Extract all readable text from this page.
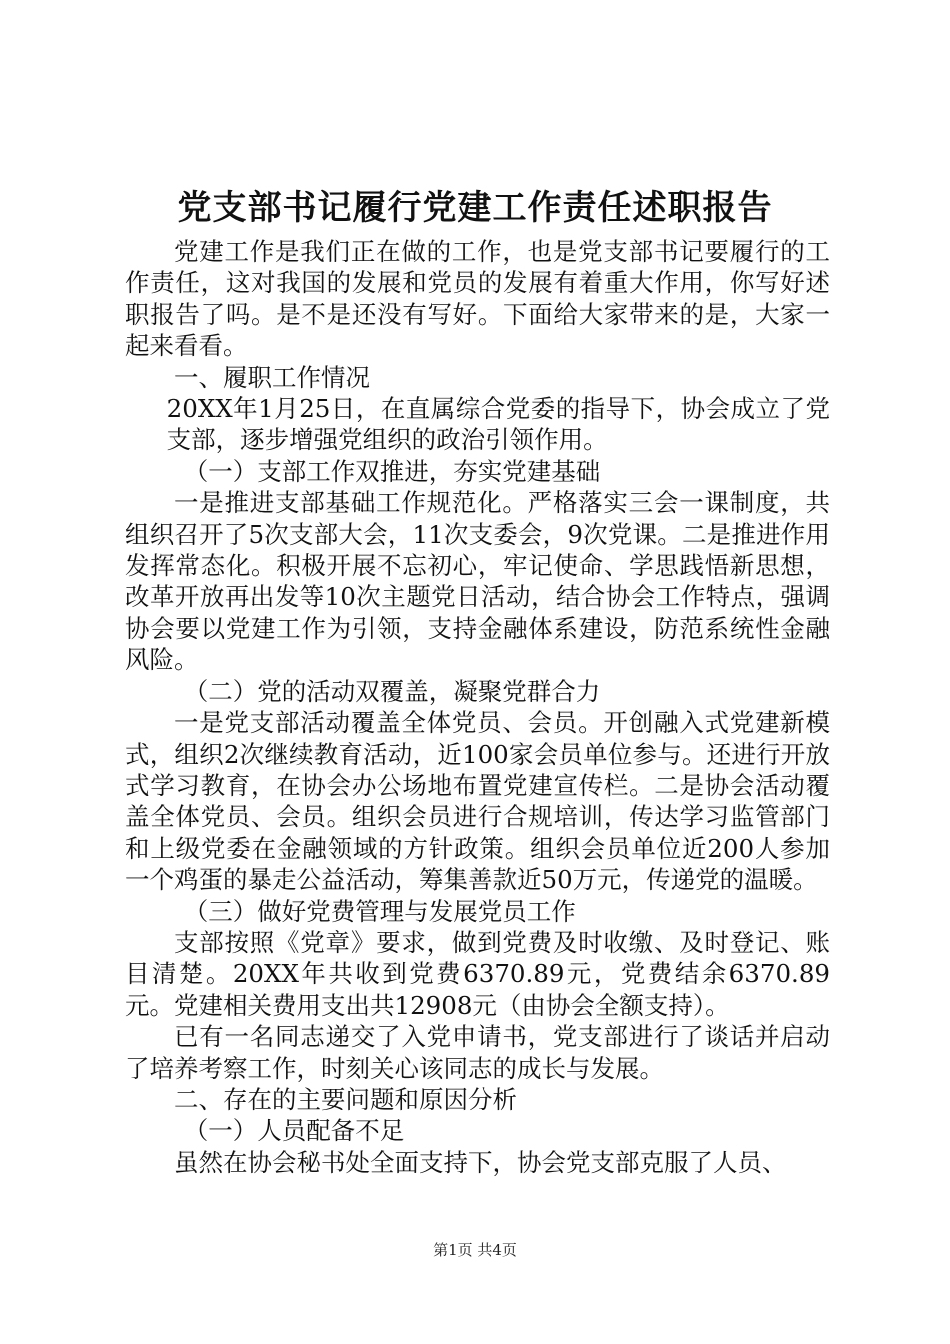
党支部书记履行党建工作责任述职报告

党建工作是我们正在做的工作，也是党支部书记要履行的工作责任，这对我国的发展和党员的发展有着重大作用，你写好述职报告了吗。是不是还没有写好。下面给大家带来的是，大家一起来看看。

一、履职工作情况

20XX年1月25日，在直属综合党委的指导下，协会成立了党支部，逐步增强党组织的政治引领作用。

（一）支部工作双推进，夯实党建基础

一是推进支部基础工作规范化。严格落实三会一课制度，共组织召开了5次支部大会，11次支委会，9次党课。二是推进作用发挥常态化。积极开展不忘初心，牢记使命、学思践悟新思想，改革开放再出发等10次主题党日活动，结合协会工作特点，强调协会要以党建工作为引领，支持金融体系建设，防范系统性金融风险。

（二）党的活动双覆盖，凝聚党群合力

一是党支部活动覆盖全体党员、会员。开创融入式党建新模式，组织2次继续教育活动，近100家会员单位参与。还进行开放式学习教育，在协会办公场地布置党建宣传栏。二是协会活动覆盖全体党员、会员。组织会员进行合规培训，传达学习监管部门和上级党委在金融领域的方针政策。组织会员单位近200人参加一个鸡蛋的暴走公益活动，筹集善款近50万元，传递党的温暖。

（三）做好党费管理与发展党员工作

支部按照《党章》要求，做到党费及时收缴、及时登记、账目清楚。20XX年共收到党费6370.89元，党费结余6370.89元。党建相关费用支出共12908元（由协会全额支持）。

已有一名同志递交了入党申请书，党支部进行了谈话并启动了培养考察工作，时刻关心该同志的成长与发展。

二、存在的主要问题和原因分析

（一）人员配备不足

虽然在协会秘书处全面支持下，协会党支部克服了人员、

第1页 共4页
